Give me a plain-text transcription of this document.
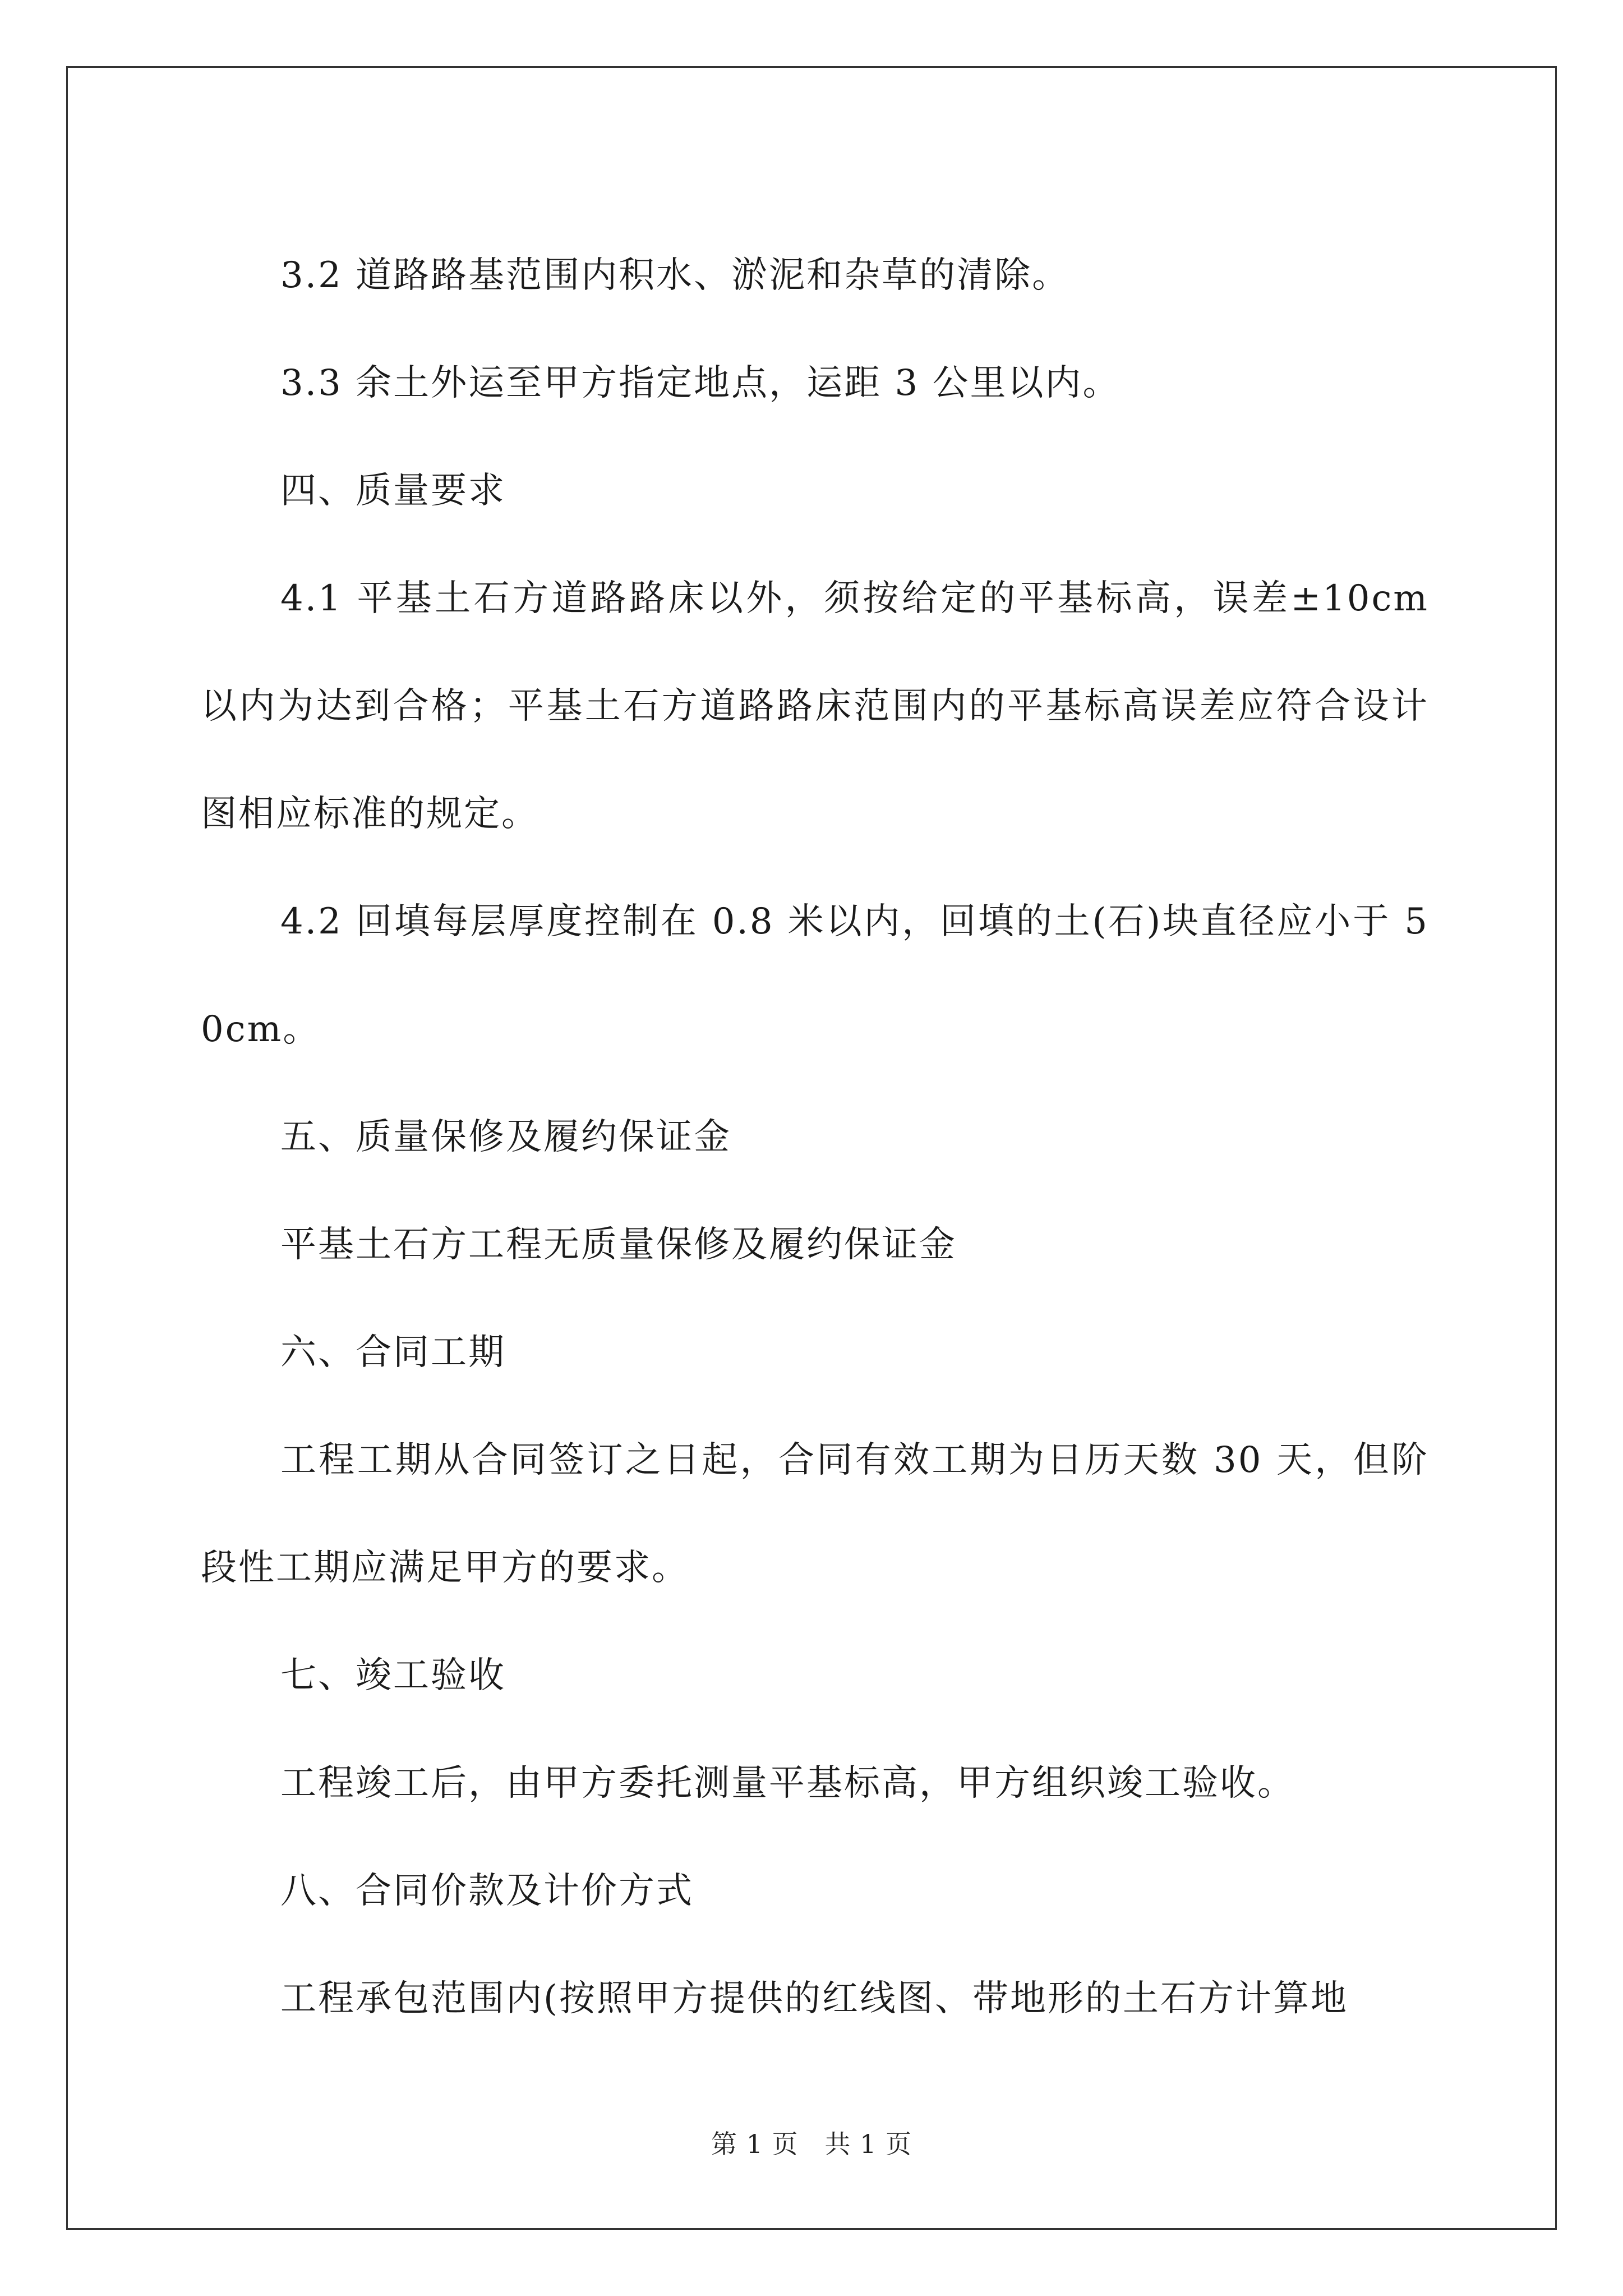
3.2 道路路基范围内积水、淤泥和杂草的清除。

3.3 余土外运至甲方指定地点，运距 3 公里以内。

四、质量要求

4.1 平基土石方道路路床以外，须按给定的平基标高，误差±10cm 以内为达到合格；平基土石方道路路床范围内的平基标高误差应符合设计图相应标准的规定。

4.2 回填每层厚度控制在 0.8 米以内，回填的土(石)块直径应小于 50cm。

五、质量保修及履约保证金

平基土石方工程无质量保修及履约保证金

六、合同工期

工程工期从合同签订之日起，合同有效工期为日历天数 30 天，但阶段性工期应满足甲方的要求。

七、竣工验收

工程竣工后，由甲方委托测量平基标高，甲方组织竣工验收。

八、合同价款及计价方式

工程承包范围内(按照甲方提供的红线图、带地形的土石方计算地

第 1 页　共 1 页
